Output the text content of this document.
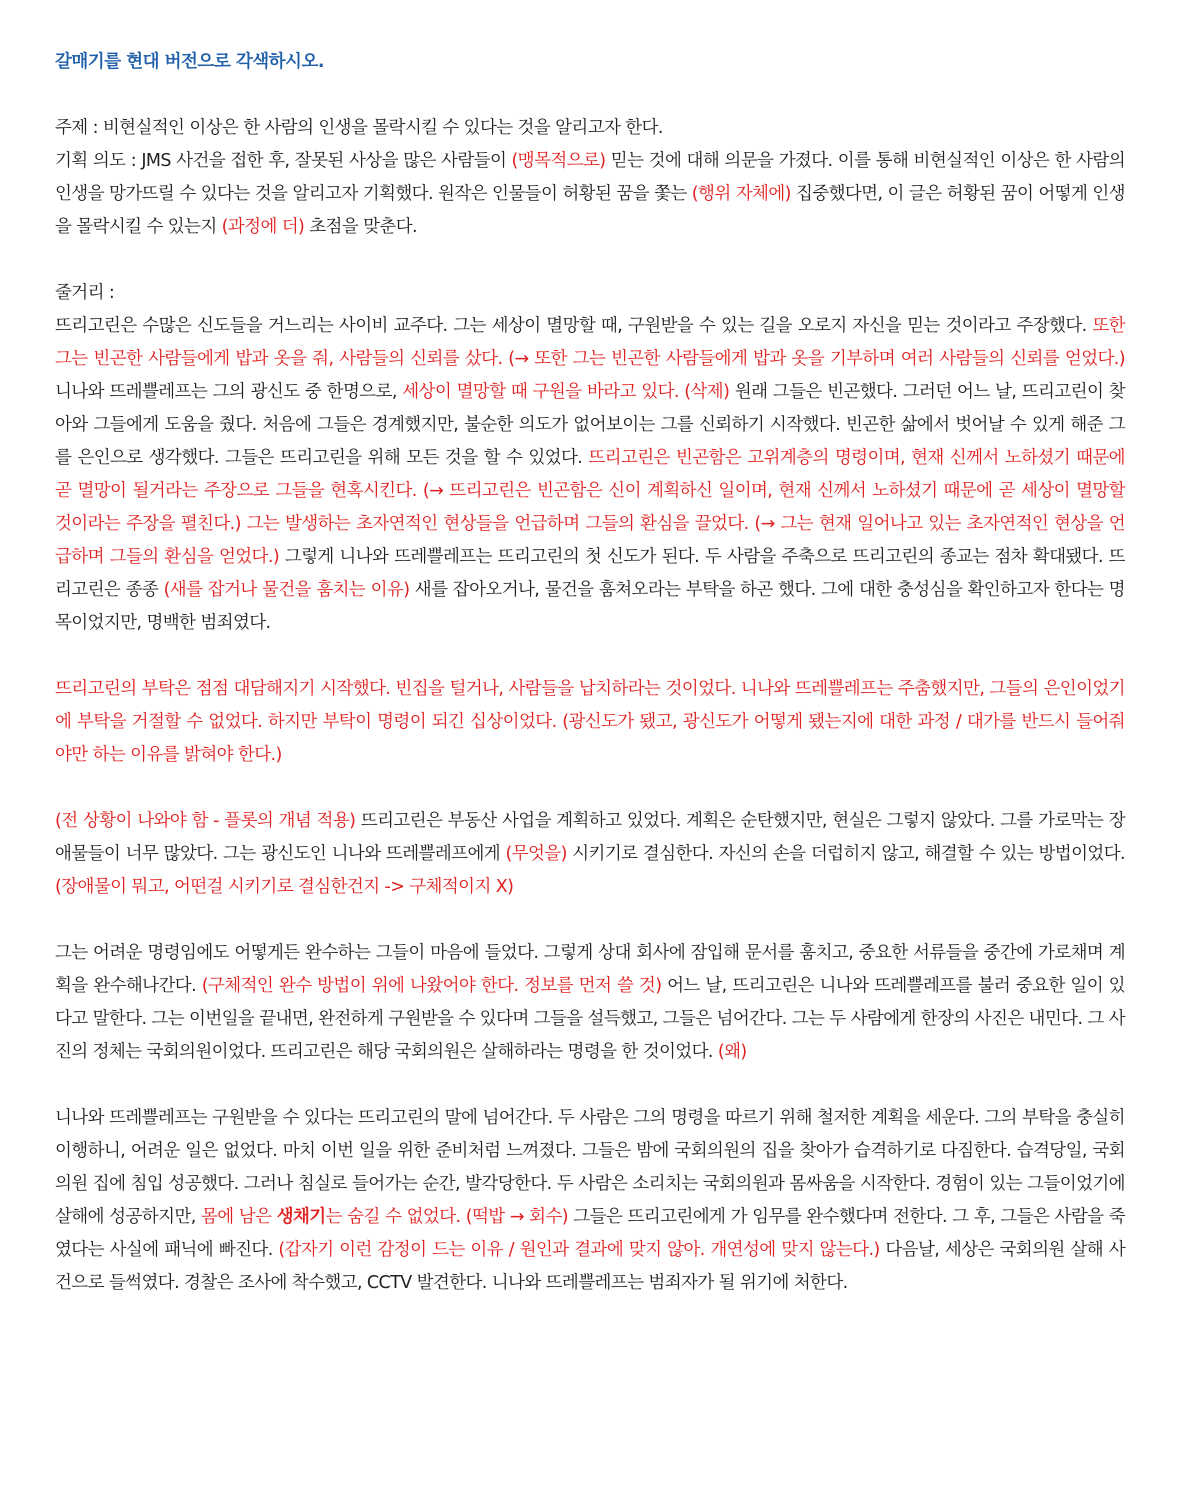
갈매기를 현대 버전으로 각색하시오.
주제 : 비현실적인 이상은 한 사람의 인생을 몰락시킬 수 있다는 것을 알리고자 한다.
기획 의도 : JMS 사건을 접한 후, 잘못된 사상을 많은 사람들이 (맹목적으로) 믿는 것에 대해 의문을 가졌다. 이를 통해 비현실적인 이상은 한 사람의 인생을 망가뜨릴 수 있다는 것을 알리고자 기획했다. 원작은 인물들이 허황된 꿈을 쫓는 (행위 자체에) 집중했다면, 이 글은 허황된 꿈이 어떻게 인생을 몰락시킬 수 있는지 (과정에 더) 초점을 맞춘다.
줄거리 :
뜨리고린은 수많은 신도들을 거느리는 사이비 교주다. 그는 세상이 멸망할 때, 구원받을 수 있는 길을 오로지 자신을 믿는 것이라고 주장했다. 또한 그는 빈곤한 사람들에게 밥과 옷을 줘, 사람들의 신뢰를 샀다. (→ 또한 그는 빈곤한 사람들에게 밥과 옷을 기부하며 여러 사람들의 신뢰를 얻었다.) 니나와 뜨레쁠레프는 그의 광신도 중 한명으로, 세상이 멸망할 때 구원을 바라고 있다. (삭제) 원래 그들은 빈곤했다. 그러던 어느 날, 뜨리고린이 찾아와 그들에게 도움을 줬다. 처음에 그들은 경계했지만, 불순한 의도가 없어보이는 그를 신뢰하기 시작했다. 빈곤한 삶에서 벗어날 수 있게 해준 그를 은인으로 생각했다. 그들은 뜨리고린을 위해 모든 것을 할 수 있었다. 뜨리고린은 빈곤함은 고위계층의 명령이며, 현재 신께서 노하셨기 때문에 곧 멸망이 될거라는 주장으로 그들을 현혹시킨다. (→ 뜨리고린은 빈곤함은 신이 계획하신 일이며, 현재 신께서 노하셨기 때문에 곧 세상이 멸망할 것이라는 주장을 펼친다.) 그는 발생하는 초자연적인 현상들을 언급하며 그들의 환심을 끌었다. (→ 그는 현재 일어나고 있는 초자연적인 현상을 언급하며 그들의 환심을 얻었다.) 그렇게 니나와 뜨레쁠레프는 뜨리고린의 첫 신도가 된다. 두 사람을 주축으로 뜨리고린의 종교는 점차 확대됐다. 뜨리고린은 종종 (새를 잡거나 물건을 훔치는 이유) 새를 잡아오거나, 물건을 훔쳐오라는 부탁을 하곤 했다. 그에 대한 충성심을 확인하고자 한다는 명목이었지만, 명백한 범죄였다.
뜨리고린의 부탁은 점점 대담해지기 시작했다. 빈집을 털거나, 사람들을 납치하라는 것이었다. 니나와 뜨레쁠레프는 주춤했지만, 그들의 은인이었기에 부탁을 거절할 수 없었다. 하지만 부탁이 명령이 되긴 십상이었다. (광신도가 됐고, 광신도가 어떻게 됐는지에 대한 과정 / 대가를 반드시 들어줘야만 하는 이유를 밝혀야 한다.)
(전 상황이 나와야 함 - 플롯의 개념 적용) 뜨리고린은 부동산 사업을 계획하고 있었다. 계획은 순탄했지만, 현실은 그렇지 않았다. 그를 가로막는 장애물들이 너무 많았다. 그는 광신도인 니나와 뜨레쁠레프에게 (무엇을) 시키기로 결심한다. 자신의 손을 더럽히지 않고, 해결할 수 있는 방법이었다. (장애물이 뭐고, 어떤걸 시키기로 결심한건지 -> 구체적이지 X)
그는 어려운 명령임에도 어떻게든 완수하는 그들이 마음에 들었다. 그렇게 상대 회사에 잠입해 문서를 훔치고, 중요한 서류들을 중간에 가로채며 계획을 완수해나간다. (구체적인 완수 방법이 위에 나왔어야 한다. 정보를 먼저 쓸 것) 어느 날, 뜨리고린은 니나와 뜨레쁠레프를 불러 중요한 일이 있다고 말한다. 그는 이번일을 끝내면, 완전하게 구원받을 수 있다며 그들을 설득했고, 그들은 넘어간다. 그는 두 사람에게 한장의 사진은 내민다. 그 사진의 정체는 국회의원이었다. 뜨리고린은 해당 국회의원은 살해하라는 명령을 한 것이었다. (왜)
니나와 뜨레쁠레프는 구원받을 수 있다는 뜨리고린의 말에 넘어간다. 두 사람은 그의 명령을 따르기 위해 철저한 계획을 세운다. 그의 부탁을 충실히 이행하니, 어려운 일은 없었다. 마치 이번 일을 위한 준비처럼 느껴졌다. 그들은 밤에 국회의원의 집을 찾아가 습격하기로 다짐한다. 습격당일, 국회의원 집에 침입 성공했다. 그러나 침실로 들어가는 순간, 발각당한다. 두 사람은 소리치는 국회의원과 몸싸움을 시작한다. 경험이 있는 그들이었기에 살해에 성공하지만, 몸에 남은 생채기는 숨길 수 없었다. (떡밥 → 회수) 그들은 뜨리고린에게 가 임무를 완수했다며 전한다. 그 후, 그들은 사람을 죽였다는 사실에 패닉에 빠진다. (갑자기 이런 감정이 드는 이유 / 원인과 결과에 맞지 않아. 개연성에 맞지 않는다.) 다음날, 세상은 국회의원 살해 사건으로 들썩였다. 경찰은 조사에 착수했고, CCTV 발견한다. 니나와 뜨레쁠레프는 범죄자가 될 위기에 처한다.
